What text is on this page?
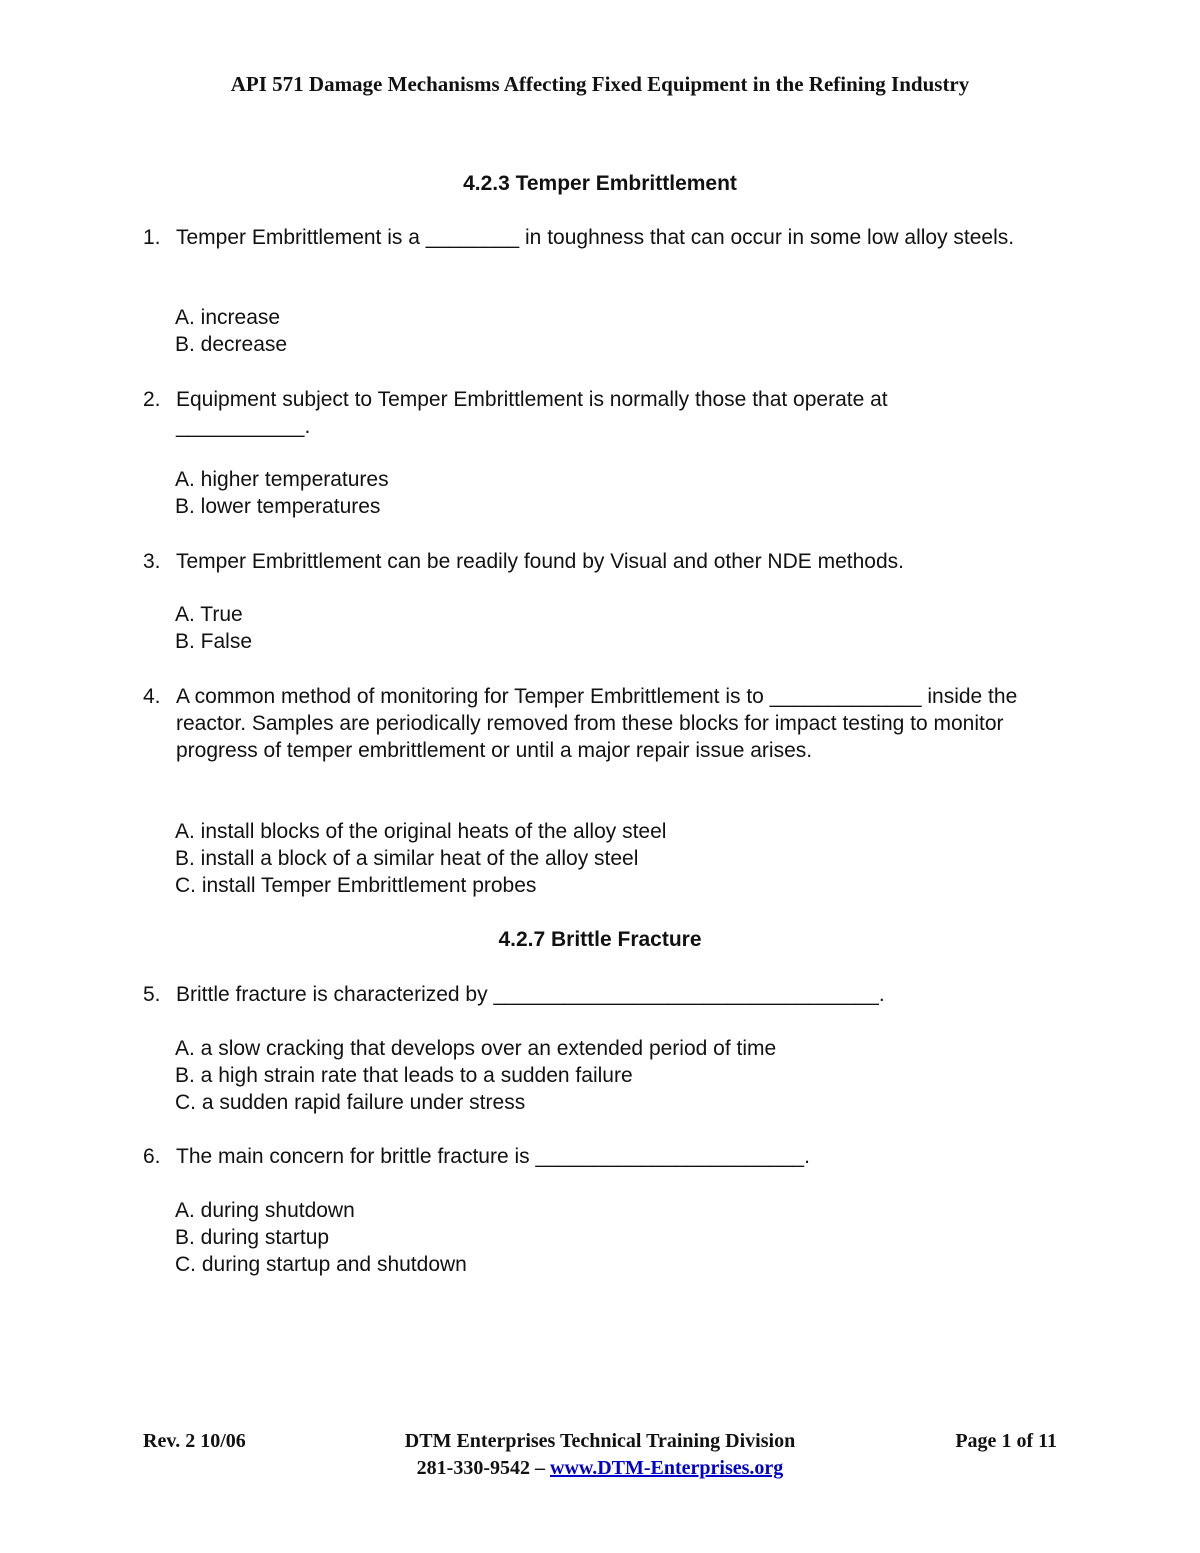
API 571 Damage Mechanisms Affecting Fixed Equipment in the Refining Industry
4.2.3 Temper Embrittlement
1. Temper Embrittlement is a ________ in toughness that can occur in some low alloy steels.
A. increase
B. decrease
2. Equipment subject to Temper Embrittlement is normally those that operate at ___________.
A. higher temperatures
B. lower temperatures
3. Temper Embrittlement can be readily found by Visual and other NDE methods.
A. True
B. False
4. A common method of monitoring for Temper Embrittlement is to _____________ inside the reactor. Samples are periodically removed from these blocks for impact testing to monitor progress of temper embrittlement or until a major repair issue arises.
A. install blocks of the original heats of the alloy steel
B. install a block of a similar heat of the alloy steel
C. install Temper Embrittlement probes
4.2.7 Brittle Fracture
5. Brittle fracture is characterized by _________________________________.
A. a slow cracking that develops over an extended period of time
B. a high strain rate that leads to a sudden failure
C. a sudden rapid failure under stress
6. The main concern for brittle fracture is _______________________.
A. during shutdown
B. during startup
C. during startup and shutdown
Rev. 2 10/06	DTM Enterprises Technical Training Division	Page 1 of 11
281-330-9542 – www.DTM-Enterprises.org
